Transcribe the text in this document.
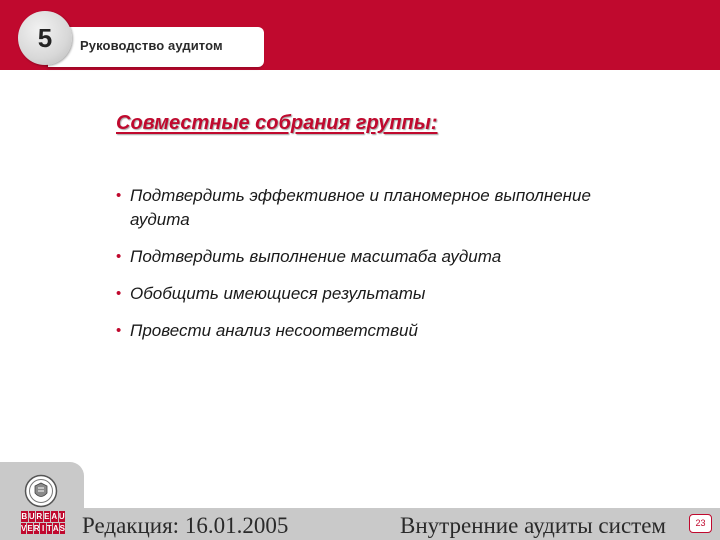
5 Руководство аудитом
Совместные собрания группы:
• Подтвердить эффективное и планомерное выполнение аудита
• Подтвердить выполнение масштаба аудита
• Обобщить имеющиеся результаты
• Провести анализ несоответствий
B U R E A U
V E R I T A S Редакция: 16.01.2005	Внутренние аудиты систем	23
